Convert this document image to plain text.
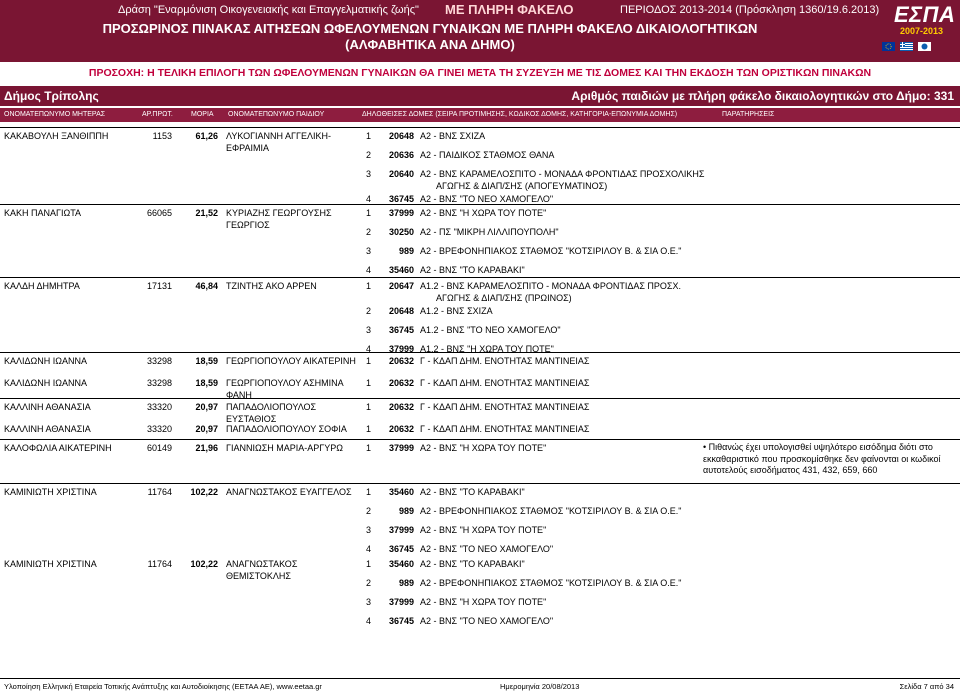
Δράση "Εναρμόνιση Οικογενειακής και Επαγγελματικής ζωής" ΜΕ ΠΛΗΡΗ ΦΑΚΕΛΟ	ΠΕΡΙΟΔΟΣ 2013-2014 (Πρόσκληση 1360/19.6.2013)
ΠΡΟΣΩΡΙΝΟΣ ΠΙΝΑΚΑΣ ΑΙΤΗΣΕΩΝ ΩΦΕΛΟΥΜΕΝΩΝ ΓΥΝΑΙΚΩΝ ΜΕ ΠΛΗΡΗ ΦΑΚΕΛΟ ΔΙΚΑΙΟΛΟΓΗΤΙΚΩΝ
(ΑΛΦΑΒΗΤΙΚΑ ΑΝΑ ΔΗΜΟ)
ΕΣΠΑ
2007-2013
ΠΡΟΣΟΧΗ: Η ΤΕΛΙΚΗ ΕΠΙΛΟΓΗ ΤΩΝ ΩΦΕΛΟΥΜΕΝΩΝ ΓΥΝΑΙΚΩΝ ΘΑ ΓΙΝΕΙ ΜΕΤΑ ΤΗ ΣΥΖΕΥΞΗ ΜΕ ΤΙΣ ΔΟΜΕΣ ΚΑΙ ΤΗΝ ΕΚΔΟΣΗ ΤΩΝ ΟΡΙΣΤΙΚΩΝ ΠΙΝΑΚΩΝ
Δήμος Τρίπολης	Αριθμός παιδιών με πλήρη φάκελο δικαιολογητικών στο Δήμο: 331
ΟΝΟΜΑΤΕΠΩΝΥΜΟ ΜΗΤΕΡΑΣ	ΑΡ.ΠΡΩΤ.	ΜΟΡΙΑ ΟΝΟΜΑΤΕΠΩΝΥΜΟ ΠΑΙΔΙΟΥ	ΔΗΛΩΘΕΙΣΕΣ ΔΟΜΕΣ (ΣΕΙΡΑ ΠΡΟΤΙΜΗΣΗΣ, ΚΩΔΙΚΟΣ ΔΟΜΗΣ, ΚΑΤΗΓΟΡΙΑ-ΕΠΩΝΥΜΙΑ ΔΟΜΗΣ)	ΠΑΡΑΤΗΡΗΣΕΙΣ
ΚΑΚΑΒΟΥΛΗ ΞΑΝΘΙΠΠΗ	1153	61,26 ΛΥΚΟΓΙΑΝΝΗ ΑΓΓΕΛΙΚΗ-ΕΦΡΑΙΜΙΑ
1	20648 Α2 - ΒΝΣ ΣΧΙΖΑ
2	20636 Α2 - ΠΑΙΔΙΚΟΣ ΣΤΑΘΜΟΣ ΘΑΝΑ
3	20640 Α2 - ΒΝΣ ΚΑΡΑΜΕΛΟΣΠΙΤΟ - ΜΟΝΑΔΑ ΦΡΟΝΤΙΔΑΣ ΠΡΟΣΧΟΛΙΚΗΣ
ΑΓΩΓΗΣ & ΔΙΑΠ/ΣΗΣ (ΑΠΟΓΕΥΜΑΤΙΝΟΣ)
4	36745 Α2 - ΒΝΣ "ΤΟ ΝΕΟ ΧΑΜΟΓΕΛΟ"
ΚΑΚΗ ΠΑΝΑΓΙΩΤΑ	66065	21,52 ΚΥΡΙΑΖΗΣ ΓΕΩΡΓΟΥΣΗΣ ΓΕΩΡΓΙΟΣ
1	37999 Α2 - ΒΝΣ "Η ΧΩΡΑ ΤΟΥ ΠΟΤΕ"
2	30250 Α2 - ΠΣ "ΜΙΚΡΗ ΛΙΛΛΙΠΟΥΠΟΛΗ"
3	989 Α2 - ΒΡΕΦΟΝΗΠΙΑΚΟΣ ΣΤΑΘΜΟΣ "ΚΟΤΣΙΡΙΛΟΥ Β. & ΣΙΑ Ο.Ε."
4	35460 Α2 - ΒΝΣ "ΤΟ ΚΑΡΑΒΑΚΙ"
ΚΑΛΔΗ ΔΗΜΗΤΡΑ	17131	46,84 ΤΖΙΝΤΗΣ ΑΚΟ ΑΡΡΕΝ	1	20647 Α1.2 - ΒΝΣ ΚΑΡΑΜΕΛΟΣΠΙΤΟ - ΜΟΝΑΔΑ ΦΡΟΝΤΙΔΑΣ ΠΡΟΣΧ.
ΑΓΩΓΗΣ & ΔΙΑΠ/ΣΗΣ (ΠΡΩΙΝΟΣ)
2	20648 Α1.2 - ΒΝΣ ΣΧΙΖΑ
3	36745 Α1.2 - ΒΝΣ "ΤΟ ΝΕΟ ΧΑΜΟΓΕΛΟ"
4	37999 Α1.2 - ΒΝΣ "Η ΧΩΡΑ ΤΟΥ ΠΟΤΕ"
ΚΑΛΙΔΩΝΗ ΙΩΑΝΝΑ	33298	18,59 ΓΕΩΡΓΙΟΠΟΥΛΟΥ ΑΙΚΑΤΕΡΙΝΗ	1	20632 Γ - ΚΔΑΠ ΔΗΜ. ΕΝΟΤΗΤΑΣ ΜΑΝΤΙΝΕΙΑΣ
ΚΑΛΙΔΩΝΗ ΙΩΑΝΝΑ	33298	18,59 ΓΕΩΡΓΙΟΠΟΥΛΟΥ ΑΣΗΜΙΝΑ ΦΑΝΗ
1	20632 Γ - ΚΔΑΠ ΔΗΜ. ΕΝΟΤΗΤΑΣ ΜΑΝΤΙΝΕΙΑΣ
ΚΑΛΛΙΝΗ ΑΘΑΝΑΣΙΑ	33320	20,97 ΠΑΠΑΔΟΛΙΟΠΟΥΛΟΣ ΕΥΣΤΑΘΙΟΣ
1	20632 Γ - ΚΔΑΠ ΔΗΜ. ΕΝΟΤΗΤΑΣ ΜΑΝΤΙΝΕΙΑΣ
ΚΑΛΛΙΝΗ ΑΘΑΝΑΣΙΑ	33320	20,97 ΠΑΠΑΔΟΛΙΟΠΟΥΛΟΥ ΣΟΦΙΑ	1	20632 Γ - ΚΔΑΠ ΔΗΜ. ΕΝΟΤΗΤΑΣ ΜΑΝΤΙΝΕΙΑΣ
ΚΑΛΟΦΩΛΙΑ ΑΙΚΑΤΕΡΙΝΗ	60149	21,96 ΓΙΑΝΝΙΩΣΗ ΜΑΡΙΑ-ΑΡΓΥΡΩ	• Πιθανώς έχει υπολογισθεί υψηλότερο εισόδημα διότι στο εκκαθαριστικό που προσκομίσθηκε δεν φαίνονται οι κωδικοί αυτοτελούς εισοδήματος 431, 432, 659, 660
1	37999 Α2 - ΒΝΣ "Η ΧΩΡΑ ΤΟΥ ΠΟΤΕ"
ΚΑΜΙΝΙΩΤΗ ΧΡΙΣΤΙΝΑ	11764	102,22 ΑΝΑΓΝΩΣΤΑΚΟΣ ΕΥΑΓΓΕΛΟΣ	1	35460 Α2 - ΒΝΣ "ΤΟ ΚΑΡΑΒΑΚΙ"
2	989 Α2 - ΒΡΕΦΟΝΗΠΙΑΚΟΣ ΣΤΑΘΜΟΣ "ΚΟΤΣΙΡΙΛΟΥ Β. & ΣΙΑ Ο.Ε."
3	37999 Α2 - ΒΝΣ "Η ΧΩΡΑ ΤΟΥ ΠΟΤΕ"
4	36745 Α2 - ΒΝΣ "ΤΟ ΝΕΟ ΧΑΜΟΓΕΛΟ"
ΚΑΜΙΝΙΩΤΗ ΧΡΙΣΤΙΝΑ	11764	102,22 ΑΝΑΓΝΩΣΤΑΚΟΣ ΘΕΜΙΣΤΟΚΛΗΣ
1	35460 Α2 - ΒΝΣ "ΤΟ ΚΑΡΑΒΑΚΙ"
2	989 Α2 - ΒΡΕΦΟΝΗΠΙΑΚΟΣ ΣΤΑΘΜΟΣ "ΚΟΤΣΙΡΙΛΟΥ Β. & ΣΙΑ Ο.Ε."
3	37999 Α2 - ΒΝΣ "Η ΧΩΡΑ ΤΟΥ ΠΟΤΕ"
4	36745 Α2 - ΒΝΣ "ΤΟ ΝΕΟ ΧΑΜΟΓΕΛΟ"
Υλοποίηση Ελληνική Εταιρεία Τοπικής Ανάπτυξης και Αυτοδιοίκησης (ΕΕΤΑΑ ΑΕ), www.eetaa.gr	Ημερομηνία 20/08/2013	Σελίδα 7 από 34
